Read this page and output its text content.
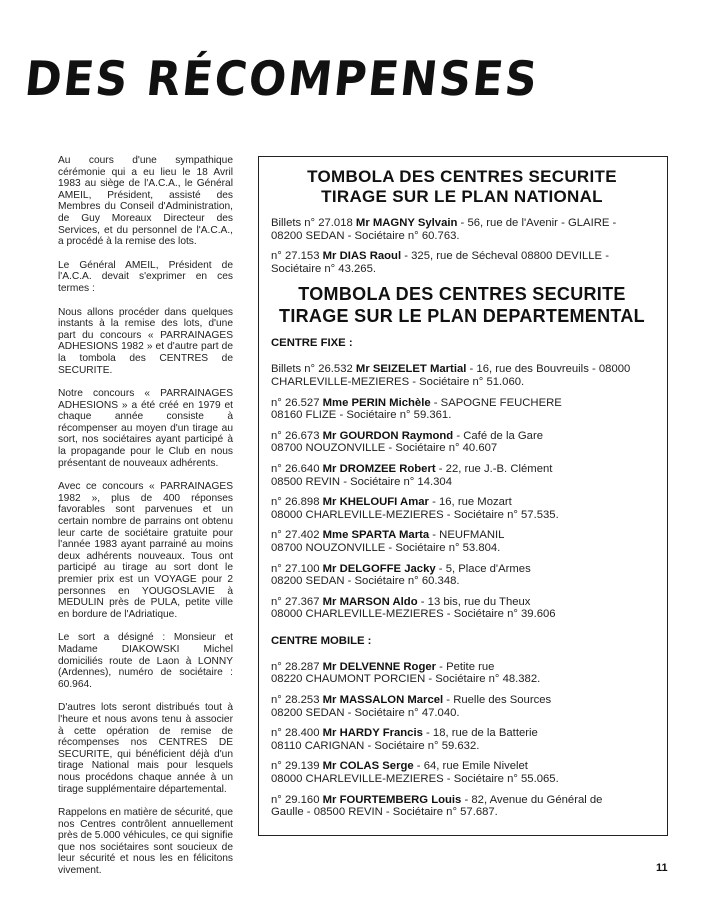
DES RÉCOMPENSES

Au cours d'une sympathique cérémonie qui a eu lieu le 18 Avril 1983 au siège de l'A.C.A., le Général AMEIL, Président, assisté des Membres du Conseil d'Administration, de Guy Moreaux Directeur des Services, et du personnel de l'A.C.A., a procédé à la remise des lots.

Le Général AMEIL, Président de l'A.C.A. devait s'exprimer en ces termes :

Nous allons procéder dans quelques instants à la remise des lots, d'une part du concours « PARRAINAGES ADHESIONS 1982 » et d'autre part de la tombola des CENTRES de SECURITE.

Notre concours « PARRAINAGES ADHESIONS » a été créé en 1979 et chaque année consiste à récompenser au moyen d'un tirage au sort, nos sociétaires ayant participé à la propagande pour le Club en nous présentant de nouveaux adhérents.

Avec ce concours « PARRAINAGES 1982 », plus de 400 réponses favorables sont parvenues et un certain nombre de parrains ont obtenu leur carte de sociétaire gratuite pour l'année 1983 ayant parrainé au moins deux adhérents nouveaux. Tous ont participé au tirage au sort dont le premier prix est un VOYAGE pour 2 personnes en YOUGOSLAVIE à MEDULIN près de PULA, petite ville en bordure de l'Adriatique.

Le sort a désigné : Monsieur et Madame DIAKOWSKI Michel domiciliés route de Laon à LONNY (Ardennes), numéro de sociétaire : 60.964.

D'autres lots seront distribués tout à l'heure et nous avons tenu à associer à cette opération de remise de récompenses nos CENTRES DE SECURITE, qui bénéficient déjà d'un tirage National mais pour lesquels nous procédons chaque année à un tirage supplémentaire départemental.

Rappelons en matière de sécurité, que nos Centres contrôlent annuellement près de 5.000 véhicules, ce qui signifie que nos sociétaires sont soucieux de leur sécurité et nous les en félicitons vivement.

TOMBOLA DES CENTRES SECURITE
TIRAGE SUR LE PLAN NATIONAL
Billets n° 27.018 Mr MAGNY Sylvain - 56, rue de l'Avenir - GLAIRE -
08200 SEDAN - Sociétaire n° 60.763.
n° 27.153 Mr DIAS Raoul - 325, rue de Sécheval 08800 DEVILLE -
Sociétaire n° 43.265.
TOMBOLA DES CENTRES SECURITE
TIRAGE SUR LE PLAN DEPARTEMENTAL
CENTRE FIXE :
Billets n° 26.532 Mr SEIZELET Martial - 16, rue des Bouvreuils - 08000
CHARLEVILLE-MEZIERES - Sociétaire n° 51.060.
n° 26.527 Mme PERIN Michèle - SAPOGNE FEUCHERE
08160 FLIZE - Sociétaire n° 59.361.
n° 26.673 Mr GOURDON Raymond - Café de la Gare
08700 NOUZONVILLE - Sociétaire n° 40.607
n° 26.640 Mr DROMZEE Robert - 22, rue J.-B. Clément
08500 REVIN - Sociétaire n° 14.304
n° 26.898 Mr KHELOUFI Amar - 16, rue Mozart
08000 CHARLEVILLE-MEZIERES - Sociétaire n° 57.535.
n° 27.402 Mme SPARTA Marta - NEUFMANIL
08700 NOUZONVILLE - Sociétaire n° 53.804.
n° 27.100 Mr DELGOFFE Jacky - 5, Place d'Armes
08200 SEDAN - Sociétaire n° 60.348.
n° 27.367 Mr MARSON Aldo - 13 bis, rue du Theux
08000 CHARLEVILLE-MEZIERES - Sociétaire n° 39.606
CENTRE MOBILE :
n° 28.287 Mr DELVENNE Roger - Petite rue
08220 CHAUMONT PORCIEN - Sociétaire n° 48.382.
n° 28.253 Mr MASSALON Marcel - Ruelle des Sources
08200 SEDAN - Sociétaire n° 47.040.
n° 28.400 Mr HARDY Francis - 18, rue de la Batterie
08110 CARIGNAN - Sociétaire n° 59.632.
n° 29.139 Mr COLAS Serge - 64, rue Emile Nivelet
08000 CHARLEVILLE-MEZIERES - Sociétaire n° 55.065.
n° 29.160 Mr FOURTEMBERG Louis - 82, Avenue du Général de
Gaulle - 08500 REVIN - Sociétaire n° 57.687.
11
